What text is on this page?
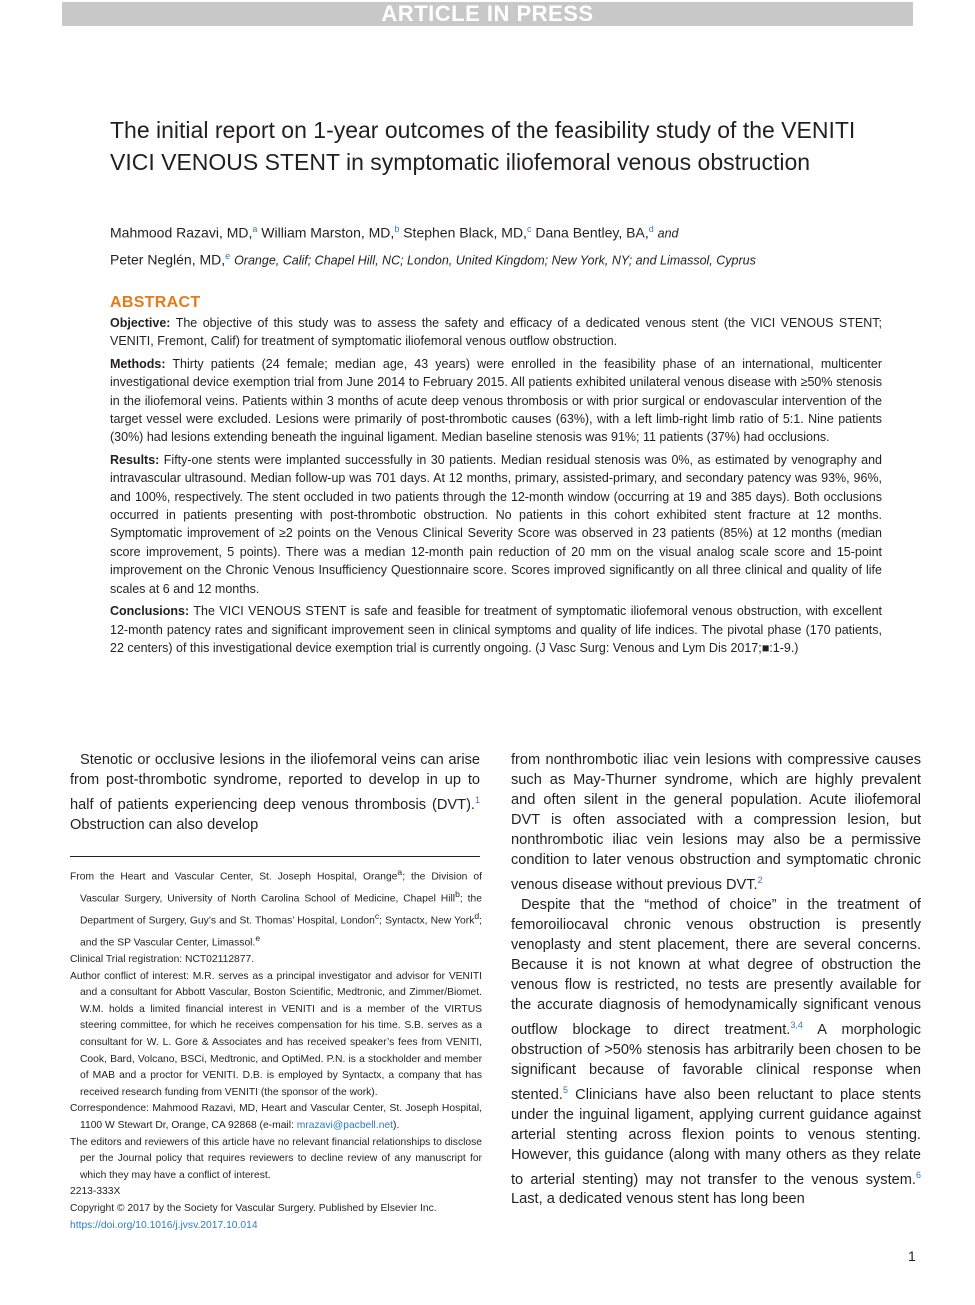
ARTICLE IN PRESS
The initial report on 1-year outcomes of the feasibility study of the VENITI VICI VENOUS STENT in symptomatic iliofemoral venous obstruction
Mahmood Razavi, MD,$^a$ William Marston, MD,$^b$ Stephen Black, MD,$^c$ Dana Bentley, BA,$^d$ and
Peter Neglén, MD,$^e$ Orange, Calif; Chapel Hill, NC; London, United Kingdom; New York, NY; and Limassol, Cyprus
ABSTRACT

Objective: The objective of this study was to assess the safety and efficacy of a dedicated venous stent (the VICI VENOUS STENT; VENITI, Fremont, Calif) for treatment of symptomatic iliofemoral venous outflow obstruction.

Methods: Thirty patients (24 female; median age, 43 years) were enrolled in the feasibility phase of an international, multicenter investigational device exemption trial from June 2014 to February 2015. All patients exhibited unilateral venous disease with ≥50% stenosis in the iliofemoral veins. Patients within 3 months of acute deep venous thrombosis or with prior surgical or endovascular intervention of the target vessel were excluded. Lesions were primarily of post-thrombotic causes (63%), with a left limb-right limb ratio of 5:1. Nine patients (30%) had lesions extending beneath the inguinal ligament. Median baseline stenosis was 91%; 11 patients (37%) had occlusions.

Results: Fifty-one stents were implanted successfully in 30 patients. Median residual stenosis was 0%, as estimated by venography and intravascular ultrasound. Median follow-up was 701 days. At 12 months, primary, assisted-primary, and secondary patency was 93%, 96%, and 100%, respectively. The stent occluded in two patients through the 12-month window (occurring at 19 and 385 days). Both occlusions occurred in patients presenting with post-thrombotic obstruction. No patients in this cohort exhibited stent fracture at 12 months. Symptomatic improvement of ≥2 points on the Venous Clinical Severity Score was observed in 23 patients (85%) at 12 months (median score improvement, 5 points). There was a median 12-month pain reduction of 20 mm on the visual analog scale score and 15-point improvement on the Chronic Venous Insufficiency Questionnaire score. Scores improved significantly on all three clinical and quality of life scales at 6 and 12 months.

Conclusions: The VICI VENOUS STENT is safe and feasible for treatment of symptomatic iliofemoral venous obstruction, with excellent 12-month patency rates and significant improvement seen in clinical symptoms and quality of life indices. The pivotal phase (170 patients, 22 centers) of this investigational device exemption trial is currently ongoing. (J Vasc Surg: Venous and Lym Dis 2017;■:1-9.)

Stenotic or occlusive lesions in the iliofemoral veins can arise from post-thrombotic syndrome, reported to develop in up to half of patients experiencing deep venous thrombosis (DVT).$^1$ Obstruction can also develop

From the Heart and Vascular Center, St. Joseph Hospital, Orange$^a$; the Division of Vascular Surgery, University of North Carolina School of Medicine, Chapel Hill$^b$; the Department of Surgery, Guy’s and St. Thomas’ Hospital, London$^c$; Syntactx, New York$^d$; and the SP Vascular Center, Limassol.$^e$

Clinical Trial registration: NCT02112877.

Author conflict of interest: M.R. serves as a principal investigator and advisor for VENITI and a consultant for Abbott Vascular, Boston Scientific, Medtronic, and Zimmer/Biomet. W.M. holds a limited financial interest in VENITI and is a member of the VIRTUS steering committee, for which he receives compensation for his time. S.B. serves as a consultant for W. L. Gore & Associates and has received speaker’s fees from VENITI, Cook, Bard, Volcano, BSCi, Medtronic, and OptiMed. P.N. is a stockholder and member of MAB and a proctor for VENITI. D.B. is employed by Syntactx, a company that has received research funding from VENITI (the sponsor of the work).

Correspondence: Mahmood Razavi, MD, Heart and Vascular Center, St. Joseph Hospital, 1100 W Stewart Dr, Orange, CA 92868 (e-mail: mrazavi@pacbell.net).

The editors and reviewers of this article have no relevant financial relationships to disclose per the Journal policy that requires reviewers to decline review of any manuscript for which they may have a conflict of interest.

2213-333X

Copyright © 2017 by the Society for Vascular Surgery. Published by Elsevier Inc.

https://doi.org/10.1016/j.jvsv.2017.10.014

from nonthrombotic iliac vein lesions with compressive causes such as May-Thurner syndrome, which are highly prevalent and often silent in the general population. Acute iliofemoral DVT is often associated with a compression lesion, but nonthrombotic iliac vein lesions may also be a permissive condition to later venous obstruction and symptomatic chronic venous disease without previous DVT.$^2$

Despite that the “method of choice” in the treatment of femoroiliocaval chronic venous obstruction is presently venoplasty and stent placement, there are several concerns. Because it is not known at what degree of obstruction the venous flow is restricted, no tests are presently available for the accurate diagnosis of hemodynamically significant venous outflow blockage to direct treatment.$^{3,4}$ A morphologic obstruction of >50% stenosis has arbitrarily been chosen to be significant because of favorable clinical response when stented.$^5$ Clinicians have also been reluctant to place stents under the inguinal ligament, applying current guidance against arterial stenting across flexion points to venous stenting. However, this guidance (along with many others as they relate to arterial stenting) may not transfer to the venous system.$^6$ Last, a dedicated venous stent has long been

1
